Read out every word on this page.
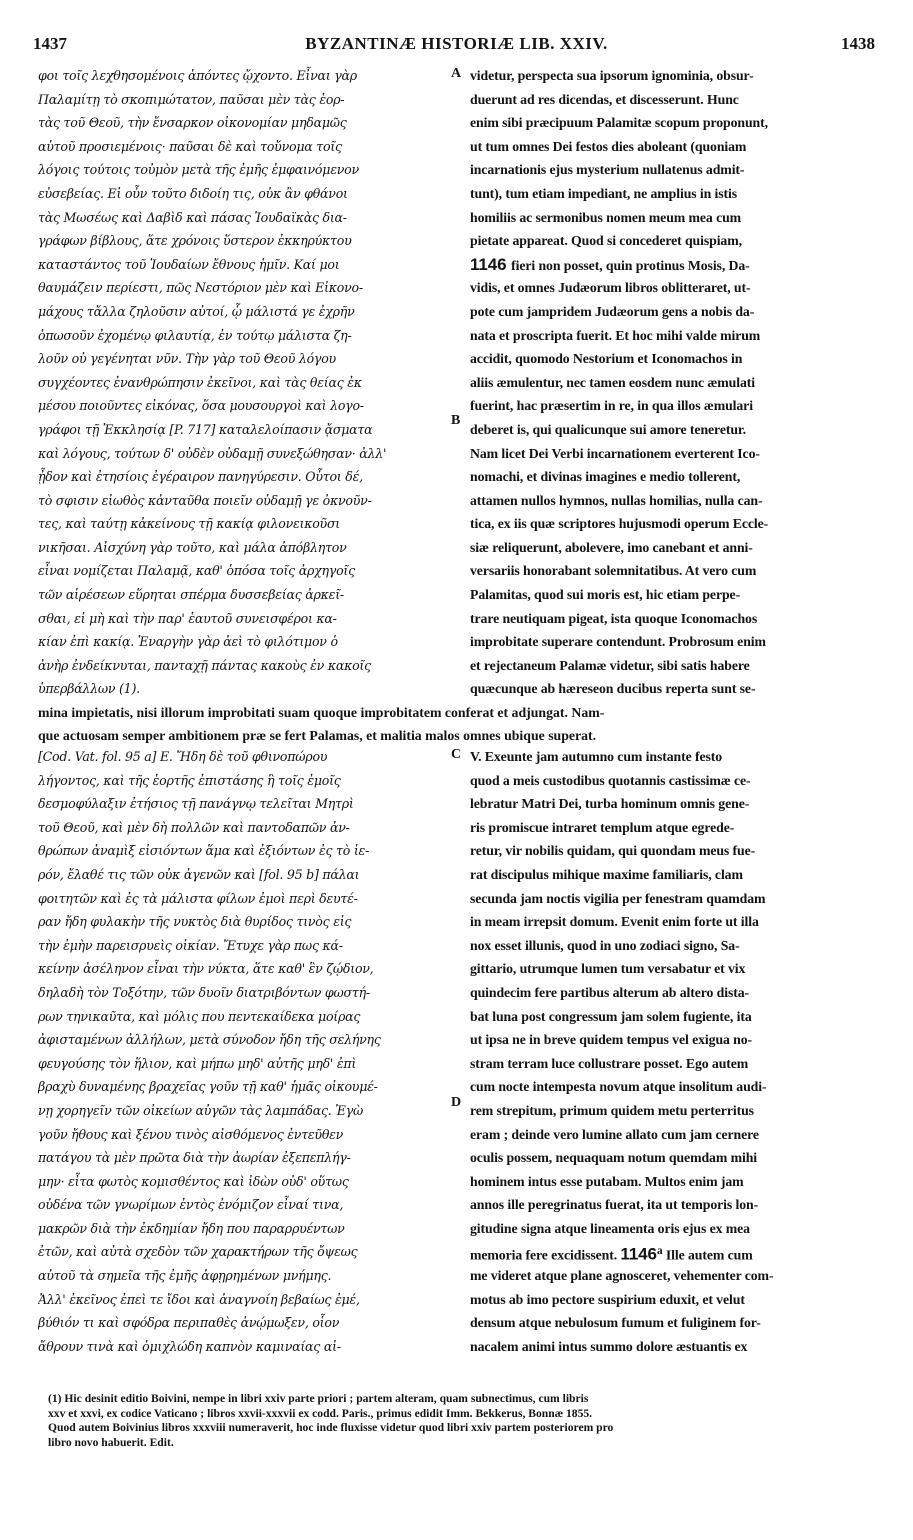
1437	BYZANTINÆ HISTORIÆ LIB. XXIV.	1438
A
B
C
D
φοι τοῖς λεχθησομένοις ἀπόντες ᾤχοντο. Εἶναι γὰρ
Παλαμίτῃ τὸ σκοπιμώτατον, παῦσαι μὲν τὰς ἑορ-
τὰς τοῦ Θεοῦ, τὴν ἔνσαρκον οἰκονομίαν μηδαμῶς
αὐτοῦ προσιεμένοις· παῦσαι δὲ καὶ τοὔνομα τοῖς
λόγοις τούτοις τοὐμὸν μετὰ τῆς ἐμῆς ἐμφαινόμενον
εὐσεβείας. Εἰ οὖν τοῦτο διδοίη τις, οὐκ ἂν φθάνοι
τὰς Μωσέως καὶ Δαβὶδ καὶ πάσας Ἰουδαϊκὰς δια-
γράφων βίβλους, ἅτε χρόνοις ὕστερον ἐκκηρύκτου
καταστάντος τοῦ Ἰουδαίων ἔθνους ἡμῖν. Καί μοι
θαυμάζειν περίεστι, πῶς Νεστόριον μὲν καὶ Εἰκονο-
μάχους τἄλλα ζηλοῦσιν αὐτοί, ᾧ μάλιστά γε ἐχρῆν
ὁπωσοῦν ἐχομένῳ φιλαυτίᾳ, ἐν τούτῳ μάλιστα ζη-
λοῦν οὐ γεγένηται νῦν. Τὴν γὰρ τοῦ Θεοῦ λόγου
συγχέοντες ἐνανθρώπησιν ἐκεῖνοι, καὶ τὰς θείας ἐκ
μέσου ποιοῦντες εἰκόνας, ὅσα μουσουργοὶ καὶ λογο-
γράφοι τῇ Ἐκκλησίᾳ [P. 717] καταλελοίπασιν ᾄσματα
καὶ λόγους, τούτων δ' οὐδὲν οὐδαμῇ συνεξώθησαν· ἀλλ'
ᾖδον καὶ ἐτησίοις ἐγέραιρον πανηγύρεσιν. Οὗτοι δέ,
τὸ σφισιν εἰωθὸς κἀνταῦθα ποιεῖν οὐδαμῇ γε ὀκνοῦν-
τες, καὶ ταύτῃ κἀκείνους τῇ κακίᾳ φιλονεικοῦσι
νικῆσαι. Αἰσχύνη γὰρ τοῦτο, καὶ μάλα ἀπόβλητον
εἶναι νομίζεται Παλαμᾷ, καθ' ὁπόσα τοῖς ἀρχηγοῖς
τῶν αἱρέσεων εὕρηται σπέρμα δυσσεβείας ἀρκεῖ-
σθαι, εἰ μὴ καὶ τὴν παρ' ἑαυτοῦ συνεισφέροι κα-
κίαν ἐπὶ κακίᾳ. Ἐναργὴν γὰρ ἀεὶ τὸ φιλότιμον ὁ
ἀνὴρ ἐνδείκνυται, πανταχῇ πάντας κακοὺς ἐν κακοῖς
ὑπερβάλλων (1).
videtur, perspecta sua ipsorum ignominia, obsur-
duerunt ad res dicendas, et discesserunt. Hunc
enim sibi præcipuum Palamitæ scopum proponunt,
ut tum omnes Dei festos dies aboleant (quoniam
incarnationis ejus mysterium nullatenus admit-
tunt), tum etiam impediant, ne amplius in istis
homiliis ac sermonibus nomen meum mea cum
pietate appareat. Quod si concederet quispiam,
1146 fieri non posset, quin protinus Mosis, Da-
vidis, et omnes Judæorum libros oblitteraret, ut-
pote cum jampridem Judæorum gens a nobis da-
nata et proscripta fuerit. Et hoc mihi valde mirum
accidit, quomodo Nestorium et Iconomachos in
aliis æmulentur, nec tamen eosdem nunc æmulati
fuerint, hac præsertim in re, in qua illos æmulari
deberet is, qui qualicunque sui amore teneretur.
Nam licet Dei Verbi incarnationem everterent Ico-
nomachi, et divinas imagines e medio tollerent,
attamen nullos hymnos, nullas homilias, nulla can-
tica, ex iis quæ scriptores hujusmodi operum Eccle-
siæ reliquerunt, abolevere, imo canebant et anni-
versariis honorabant solemnitatibus. At vero cum
Palamitas, quod sui moris est, hic etiam perpe-
trare neutiquam pigeat, ista quoque Iconomachos
improbitate superare contendunt. Probrosum enim
et rejectaneum Palamæ videtur, sibi satis habere
quæcunque ab hæreseon ducibus reperta sunt se-
mina impietatis, nisi illorum improbitati suam quoque improbitatem conferat et adjungat. Nam-
que actuosam semper ambitionem præ se fert Palamas, et malitia malos omnes ubique superat.
[Cod. Vat. fol. 95 a] Ε. Ἤδη δὲ τοῦ φθινοπώρου
λήγοντος, καὶ τῆς ἑορτῆς ἐπιστάσης ἣ τοῖς ἐμοῖς
δεσμοφύλαξιν ἐτήσιος τῇ πανάγνῳ τελεῖται Μητρὶ
τοῦ Θεοῦ, καὶ μὲν δὴ πολλῶν καὶ παντοδαπῶν ἀν-
θρώπων ἀναμὶξ εἰσιόντων ἅμα καὶ ἐξιόντων ἐς τὸ ἱε-
ρόν, ἔλαθέ τις τῶν οὐκ ἀγενῶν καὶ [fol. 95 b] πάλαι
φοιτητῶν καὶ ἐς τὰ μάλιστα φίλων ἐμοὶ περὶ δευτέ-
ραν ἤδη φυλακὴν τῆς νυκτὸς διὰ θυρίδος τινὸς εἰς
τὴν ἐμὴν παρεισρυεὶς οἰκίαν. Ἔτυχε γὰρ πως κά-
κείνην ἀσέληνον εἶναι τὴν νύκτα, ἅτε καθ' ἓν ζῴδιον,
δηλαδὴ τὸν Τοξότην, τῶν δυοῖν διατριβόντων φωστή-
ρων τηνικαῦτα, καὶ μόλις που πεντεκαίδεκα μοίρας
ἀφισταμένων ἀλλήλων, μετὰ σύνοδον ἤδη τῆς σελήνης
φευγούσης τὸν ἥλιον, καὶ μήπω μηδ' αὐτῆς μηδ' ἐπὶ
βραχὺ δυναμένης βραχεῖας γοῦν τῇ καθ' ἡμᾶς οἰκουμέ-
νῃ χορηγεῖν τῶν οἰκείων αὐγῶν τὰς λαμπάδας. Ἐγὼ
γοῦν ἤθους καὶ ξένου τινὸς αἰσθόμενος ἐντεῦθεν
πατάγου τὰ μὲν πρῶτα διὰ τὴν ἀωρίαν ἐξεπεπλήγ-
μην· εἶτα φωτὸς κομισθέντος καὶ ἰδὼν οὐδ' οὕτως
οὐδένα τῶν γνωρίμων ἐντὸς ἐνόμιζον εἶναί τινα,
μακρῶν διὰ τὴν ἐκδημίαν ἤδη που παραρρυέντων
ἐτῶν, καὶ αὐτὰ σχεδὸν τῶν χαρακτήρων τῆς ὄψεως
αὐτοῦ τὰ σημεῖα τῆς ἐμῆς ἀφῃρημένων μνήμης.
Ἀλλ' ἐκεῖνος ἐπεὶ τε ἴδοι καὶ ἀναγνοίη βεβαίως ἐμέ,
βύθιόν τι καὶ σφόδρα περιπαθὲς ἀνῴμωξεν, οἷον
ἄθρουν τινὰ καὶ ὁμιχλώδη καπνὸν καμιναίας αἰ-
V. Exeunte jam autumno cum instante festo
quod a meis custodibus quotannis castissimæ ce-
lebratur Matri Dei, turba hominum omnis gene-
ris promiscue intraret templum atque egrede-
retur, vir nobilis quidam, qui quondam meus fue-
rat discipulus mihique maxime familiaris, clam
secunda jam noctis vigilia per fenestram quamdam
in meam irrepsit domum. Evenit enim forte ut illa
nox esset illunis, quod in uno zodiaci signo, Sa-
gittario, utrumque lumen tum versabatur et vix
quindecim fere partibus alterum ab altero dista-
bat luna post congressum jam solem fugiente, ita
ut ipsa ne in breve quidem tempus vel exigua no-
stram terram luce collustrare posset. Ego autem
cum nocte intempesta novum atque insolitum audi-
rem strepitum, primum quidem metu perterritus
eram ; deinde vero lumine allato cum jam cernere
oculis possem, nequaquam notum quemdam mihi
hominem intus esse putabam. Multos enim jam
annos ille peregrinatus fuerat, ita ut temporis lon-
gitudine signa atque lineamenta oris ejus ex mea
memoria fere excidissent. 1146$^a$ Ille autem cum
me videret atque plane agnosceret, vehementer com-
motus ab imo pectore suspirium eduxit, et velut
densum atque nebulosum fumum et fuliginem for-
nacalem animi intus summo dolore æstuantis ex
(1) Hic desinit editio Boivini, nempe in libri xxiv parte priori ; partem alteram, quam subnectimus, cum libris
xxv et xxvi, ex codice Vaticano ; libros xxvii-xxxvii ex codd. Paris., primus edidit Imm. Bekkerus, Bonnæ 1855.
Quod autem Boivinius libros xxxviii numeraverit, hoc inde fluxisse videtur quod libri xxiv partem posteriorem pro
libro novo habuerit. Edit.
